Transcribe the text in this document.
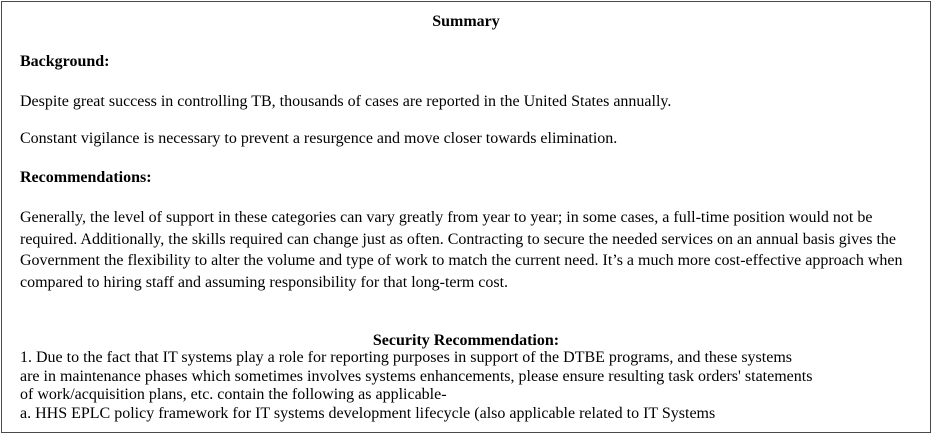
Summary
Background:
Despite great success in controlling TB, thousands of cases are reported in the United States annually.
Constant vigilance is necessary to prevent a resurgence and move closer towards elimination.
Recommendations:
Generally, the level of support in these categories can vary greatly from year to year; in some cases, a full-time position would not be required. Additionally, the skills required can change just as often. Contracting to secure the needed services on an annual basis gives the Government the flexibility to alter the volume and type of work to match the current need. It’s a much more cost-effective approach when compared to hiring staff and assuming responsibility for that long-term cost.
Security Recommendation:
1. Due to the fact that IT systems play a role for reporting purposes in support of the DTBE programs, and these systems
are in maintenance phases which sometimes involves systems enhancements, please ensure resulting task orders' statements
of work/acquisition plans, etc. contain the following as applicable-
a. HHS EPLC policy framework for IT systems development lifecycle (also applicable related to IT Systems
